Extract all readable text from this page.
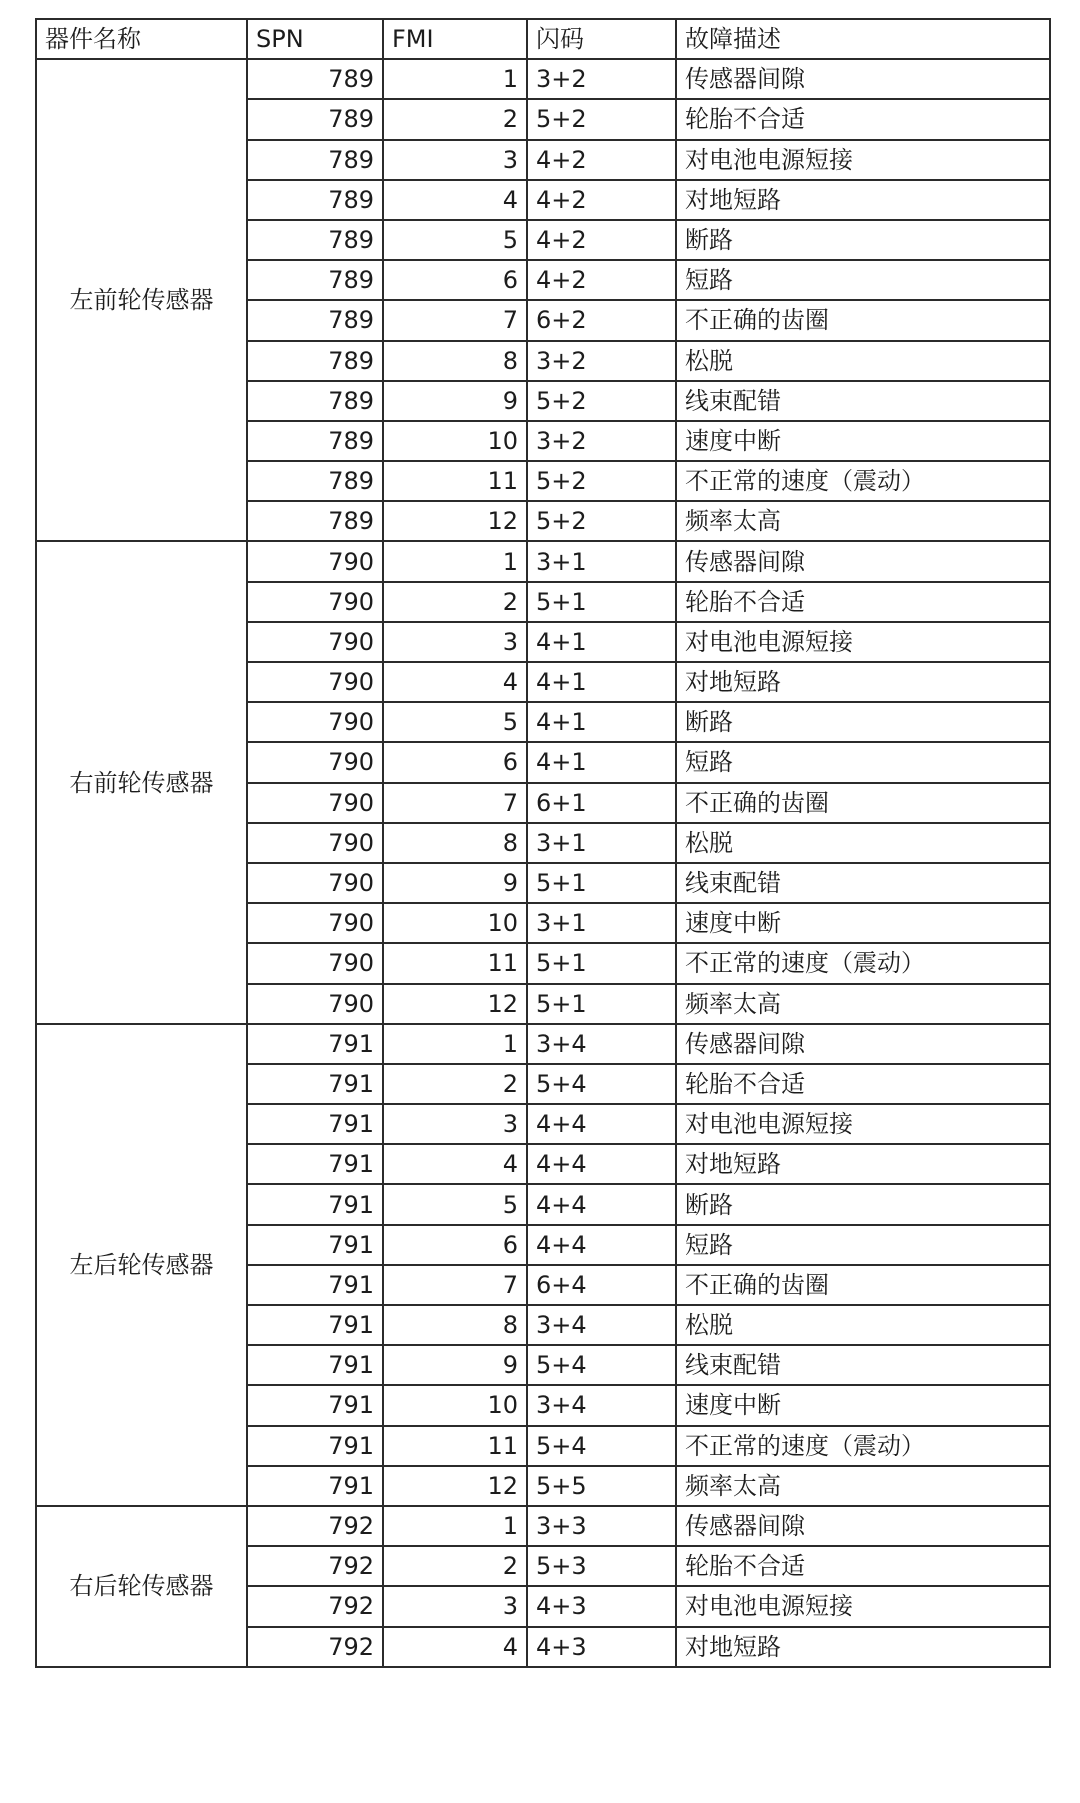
器件名称	SPN	FMI	闪码	故障描述
左前轮传感器	789	1	3+2	传感器间隙
	789	2	5+2	轮胎不合适
	789	3	4+2	对电池电源短接
	789	4	4+2	对地短路
	789	5	4+2	断路
	789	6	4+2	短路
	789	7	6+2	不正确的齿圈
	789	8	3+2	松脱
	789	9	5+2	线束配错
	789	10	3+2	速度中断
	789	11	5+2	不正常的速度（震动）
	789	12	5+2	频率太高
右前轮传感器	790	1	3+1	传感器间隙
	790	2	5+1	轮胎不合适
	790	3	4+1	对电池电源短接
	790	4	4+1	对地短路
	790	5	4+1	断路
	790	6	4+1	短路
	790	7	6+1	不正确的齿圈
	790	8	3+1	松脱
	790	9	5+1	线束配错
	790	10	3+1	速度中断
	790	11	5+1	不正常的速度（震动）
	790	12	5+1	频率太高
左后轮传感器	791	1	3+4	传感器间隙
	791	2	5+4	轮胎不合适
	791	3	4+4	对电池电源短接
	791	4	4+4	对地短路
	791	5	4+4	断路
	791	6	4+4	短路
	791	7	6+4	不正确的齿圈
	791	8	3+4	松脱
	791	9	5+4	线束配错
	791	10	3+4	速度中断
	791	11	5+4	不正常的速度（震动）
	791	12	5+5	频率太高
右后轮传感器	792	1	3+3	传感器间隙
	792	2	5+3	轮胎不合适
	792	3	4+3	对电池电源短接
	792	4	4+3	对地短路
